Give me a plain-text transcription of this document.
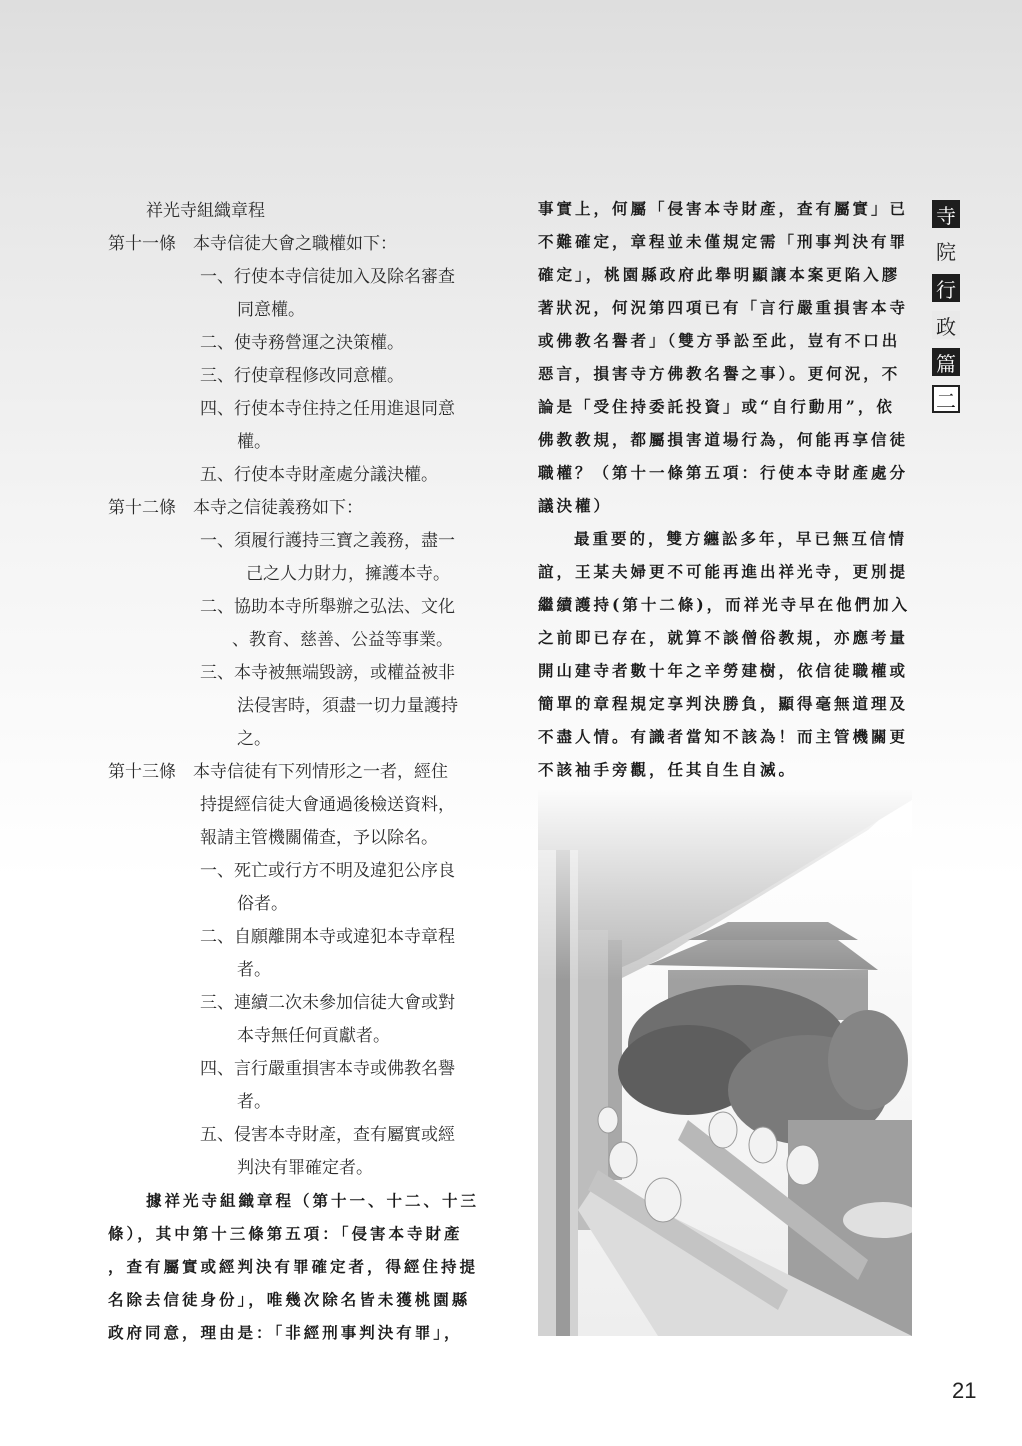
祥光寺組織章程
第十一條　本寺信徒大會之職權如下：
一、行使本寺信徒加入及除名審查
同意權。
二、使寺務營運之決策權。
三、行使章程修改同意權。
四、行使本寺住持之任用進退同意
權。
五、行使本寺財產處分議決權。
第十二條　本寺之信徒義務如下：
一、須履行護持三寶之義務，盡一
己之人力財力，擁護本寺。
二、協助本寺所舉辦之弘法、文化
、教育、慈善、公益等事業。
三、本寺被無端毀謗，或權益被非
法侵害時，須盡一切力量護持
之。
第十三條　本寺信徒有下列情形之一者，經住
持提經信徒大會通過後檢送資料，
報請主管機關備查，予以除名。
一、死亡或行方不明及違犯公序良
俗者。
二、自願離開本寺或違犯本寺章程
者。
三、連續二次未參加信徒大會或對
本寺無任何貢獻者。
四、言行嚴重損害本寺或佛教名譽
者。
五、侵害本寺財產，查有屬實或經
判決有罪確定者。
據祥光寺組織章程（第十一、十二、十三
條），其中第十三條第五項：「侵害本寺財產
，查有屬實或經判決有罪確定者，得經住持提
名除去信徒身份」，唯幾次除名皆未獲桃園縣
政府同意，理由是：「非經刑事判決有罪」，
事實上，何屬「侵害本寺財產，查有屬實」已
不難確定，章程並未僅規定需「刑事判決有罪
確定」，桃園縣政府此舉明顯讓本案更陷入膠
著狀況，何況第四項已有「言行嚴重損害本寺
或佛教名譽者」（雙方爭訟至此，豈有不口出
惡言，損害寺方佛教名譽之事）。更何況，不
論是「受住持委託投資」或“自行動用”，依
佛教教規，都屬損害道場行為，何能再享信徒
職權？（第十一條第五項：行使本寺財產處分
議決權）
最重要的，雙方纏訟多年，早已無互信情
誼，王某夫婦更不可能再進出祥光寺，更別提
繼續護持(第十二條)，而祥光寺早在他們加入
之前即已存在，就算不談僧俗教規，亦應考量
開山建寺者數十年之辛勞建樹，依信徒職權或
簡單的章程規定享判決勝負，顯得毫無道理及
不盡人情。有識者當知不該為！而主管機關更
不該袖手旁觀，任其自生自滅。
寺
院
行
政
篇
二
21
